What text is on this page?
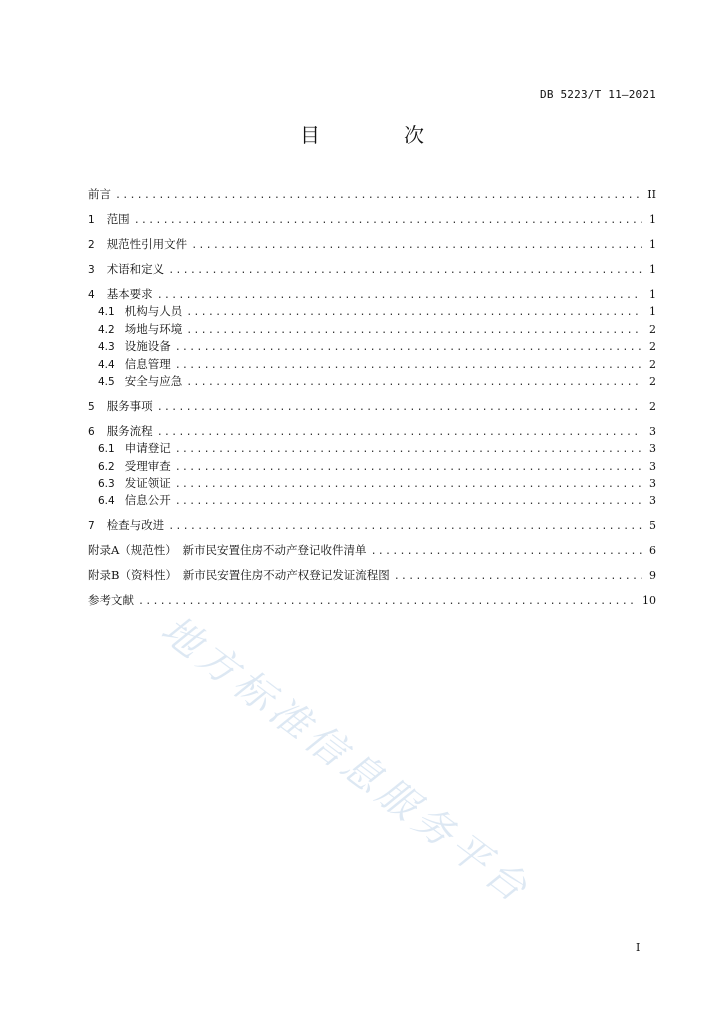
DB 5223/T 11—2021
目　次
前言 .....	II
1 范围 .....	1
2 规范性引用文件 .....	1
3 术语和定义 .....	1
4 基本要求 .....	1
4.1 机构与人员 .....	1
4.2 场地与环境 .....	2
4.3 设施设备 .....	2
4.4 信息管理 .....	2
4.5 安全与应急 .....	2
5 服务事项 .....	2
6 服务流程 .....	3
6.1 申请登记 .....	3
6.2 受理审查 .....	3
6.3 发证领证 .....	3
6.4 信息公开 .....	3
7 检查与改进 .....	5
附录A（规范性）　新市民安置住房不动产登记收件清单 .....	6
附录B（资料性）　新市民安置住房不动产权登记发证流程图 .....	9
参考文献 .....	10
地方标准信息服务平台
I
